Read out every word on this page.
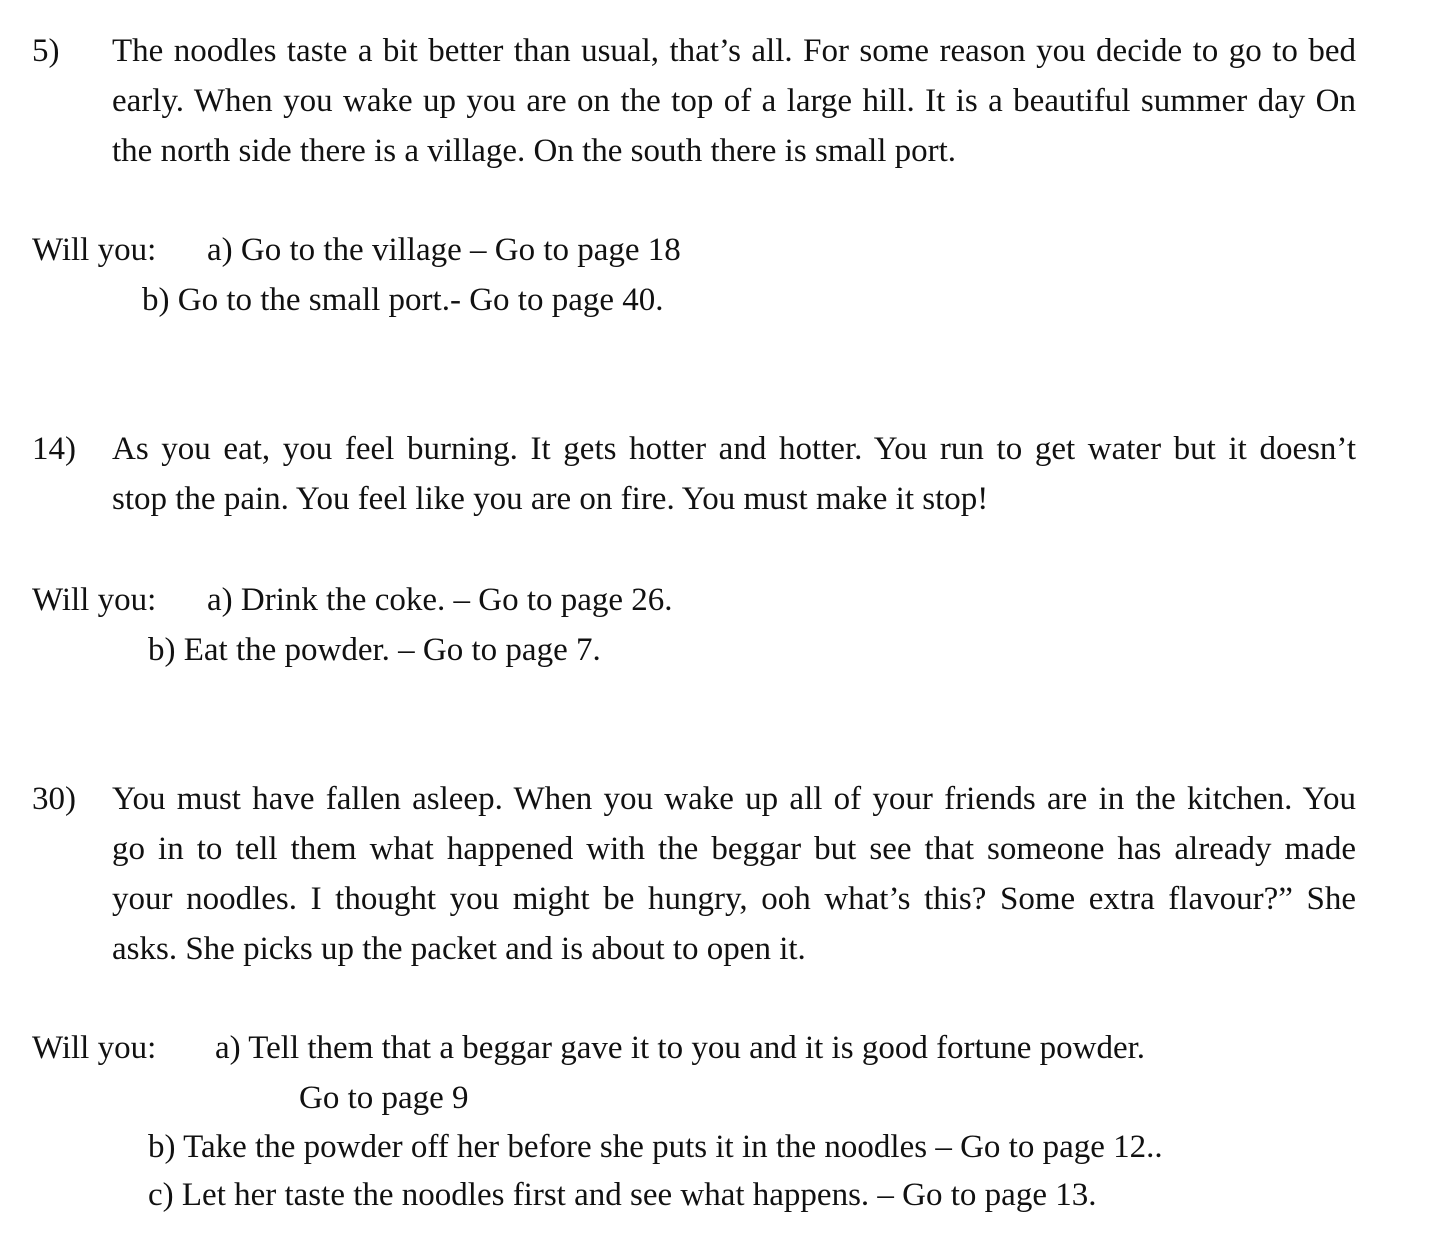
5) The noodles taste a bit better than usual, that’s all. For some reason you decide to go to bed
early. When you wake up you are on the top of a large hill. It is a beautiful summer day On
the north side there is a village. On the south there is small port.
Will you: a) Go to the village – Go to page 18
b) Go to the small port.- Go to page 40.
14) As you eat, you feel burning. It gets hotter and hotter. You run to get water but it doesn’t
stop the pain. You feel like you are on fire. You must make it stop!
Will you: a) Drink the coke. – Go to page 26.
b) Eat the powder. – Go to page 7.
30) You must have fallen asleep. When you wake up all of your friends are in the kitchen. You
go in to tell them what happened with the beggar but see that someone has already made
your noodles. I thought you might be hungry, ooh what’s this? Some extra flavour?” She
asks. She picks up the packet and is about to open it.
Will you: a) Tell them that a beggar gave it to you and it is good fortune powder.
Go to page 9
b) Take the powder off her before she puts it in the noodles – Go to page 12..
c) Let her taste the noodles first and see what happens. – Go to page 13.
